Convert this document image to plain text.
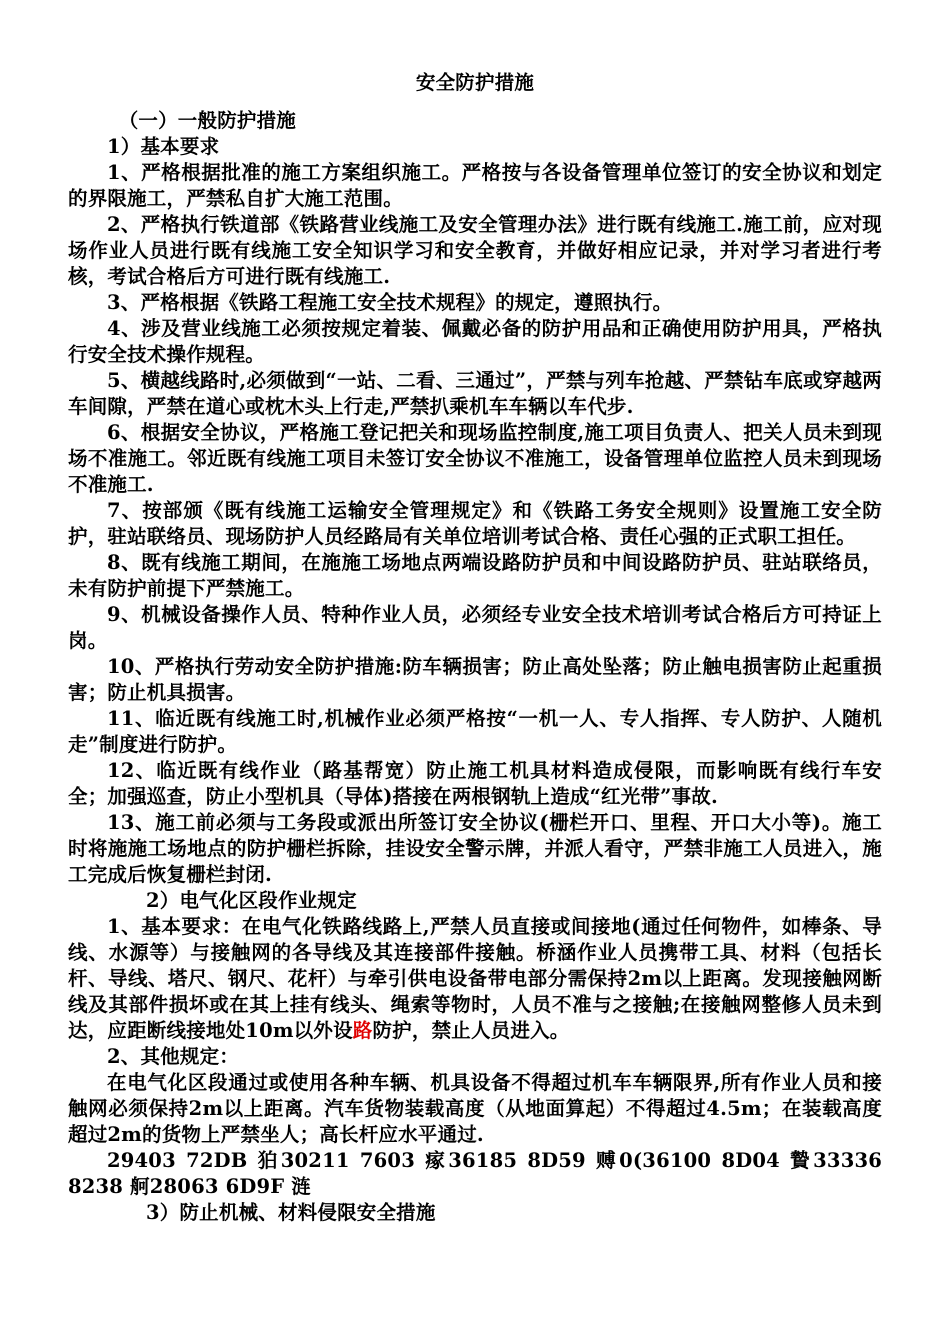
安全防护措施

（一）一般防护措施

1）基本要求

1、严格根据批准的施工方案组织施工。严格按与各设备管理单位签订的安全协议和划定的界限施工，严禁私自扩大施工范围。

2、严格执行铁道部《铁路营业线施工及安全管理办法》进行既有线施工.施工前，应对现场作业人员进行既有线施工安全知识学习和安全教育，并做好相应记录，并对学习者进行考核，考试合格后方可进行既有线施工.

3、严格根据《铁路工程施工安全技术规程》的规定，遵照执行。

4、涉及营业线施工必须按规定着装、佩戴必备的防护用品和正确使用防护用具，严格执行安全技术操作规程。

5、横越线路时,必须做到“一站、二看、三通过”，严禁与列车抢越、严禁钻车底或穿越两车间隙，严禁在道心或枕木头上行走,严禁扒乘机车车辆以车代步.

6、根据安全协议，严格施工登记把关和现场监控制度,施工项目负责人、把关人员未到现场不准施工。邻近既有线施工项目未签订安全协议不准施工，设备管理单位监控人员未到现场不准施工.

7、按部颁《既有线施工运输安全管理规定》和《铁路工务安全规则》设置施工安全防护，驻站联络员、现场防护人员经路局有关单位培训考试合格、责任心强的正式职工担任。

8、既有线施工期间，在施施工场地点两端设路防护员和中间设路防护员、驻站联络员，未有防护前提下严禁施工。

9、机械设备操作人员、特种作业人员，必须经专业安全技术培训考试合格后方可持证上岗。

10、严格执行劳动安全防护措施:防车辆损害；防止高处坠落；防止触电损害防止起重损害；防止机具损害。

11、临近既有线施工时,机械作业必须严格按“一机一人、专人指挥、专人防护、人随机走”制度进行防护。

12、临近既有线作业（路基帮宽）防止施工机具材料造成侵限，而影响既有线行车安全；加强巡查，防止小型机具（导体)搭接在两根钢轨上造成“红光带”事故.

13、施工前必须与工务段或派出所签订安全协议(栅栏开口、里程、开口大小等)。施工时将施施工场地点的防护栅栏拆除，挂设安全警示牌，并派人看守，严禁非施工人员进入，施工完成后恢复栅栏封闭.

2）电气化区段作业规定

1、基本要求：在电气化铁路线路上,严禁人员直接或间接地(通过任何物件，如棒条、导线、水源等）与接触网的各导线及其连接部件接触。桥涵作业人员携带工具、材料（包括长杆、导线、塔尺、钢尺、花杆）与牵引供电设备带电部分需保持2m以上距离。发现接触网断线及其部件损坏或在其上挂有线头、绳索等物时，人员不准与之接触;在接触网整修人员未到达，应距断线接地处10m以外设路防护，禁止人员进入。

2、其他规定：

在电气化区段通过或使用各种车辆、机具设备不得超过机车车辆限界,所有作业人员和接触网必须保持2m以上距离。汽车货物装载高度（从地面算起）不得超过4.5m；在装载高度超过2m的货物上严禁坐人；高长杆应水平通过.

29403 72DB 狛30211 7603 瘃36185 8D59 赙0(36100 8D04 贄33336 8238 舸28063 6D9F 涟

3）防止机械、材料侵限安全措施
